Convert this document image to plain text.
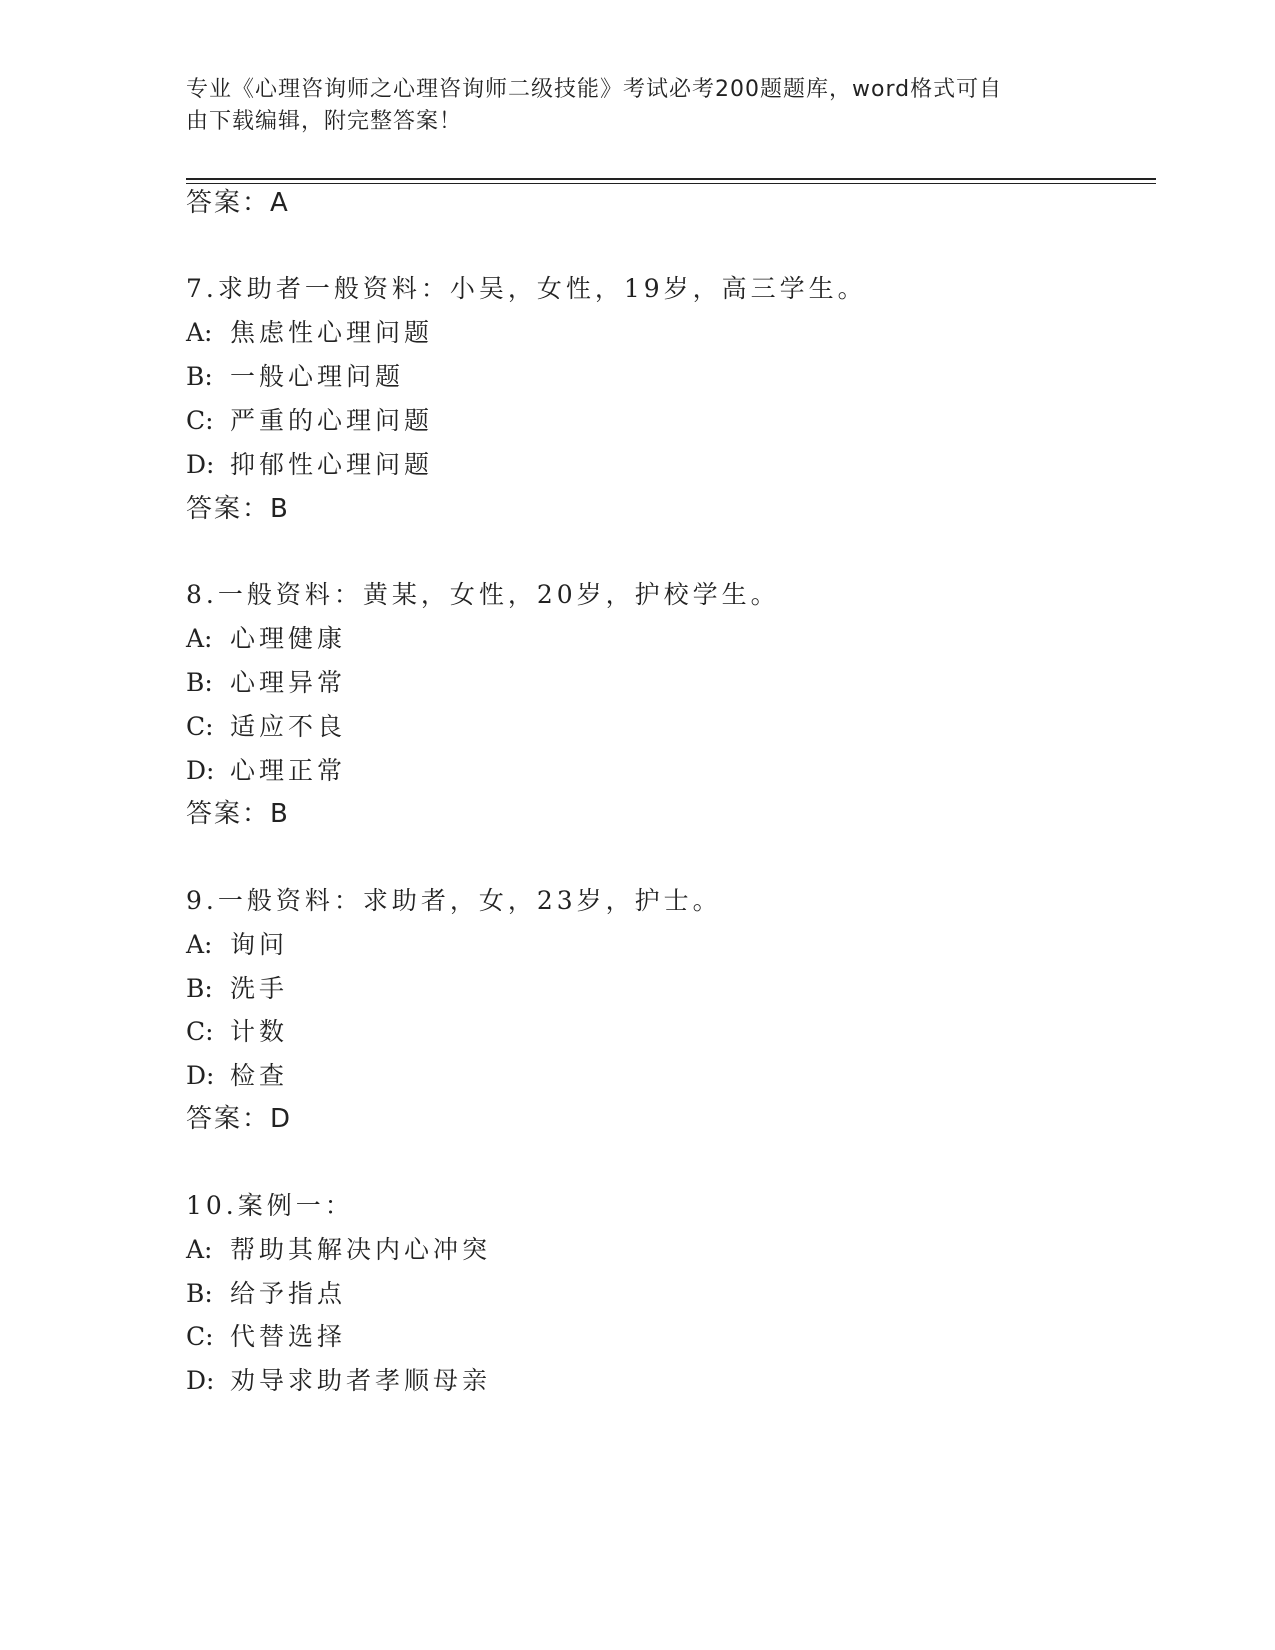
专业《心理咨询师之心理咨询师二级技能》考试必考200题题库，word格式可自
由下载编辑，附完整答案！
答案：A
7.求助者一般资料：小吴，女性，19岁，高三学生。
A: 焦虑性心理问题
B: 一般心理问题
C: 严重的心理问题
D: 抑郁性心理问题
答案：B
8.一般资料：黄某，女性，20岁，护校学生。
A: 心理健康
B: 心理异常
C: 适应不良
D: 心理正常
答案：B
9.一般资料：求助者，女，23岁，护士。
A: 询问
B: 洗手
C: 计数
D: 检查
答案：D
10.案例一：
A: 帮助其解决内心冲突
B: 给予指点
C: 代替选择
D: 劝导求助者孝顺母亲
